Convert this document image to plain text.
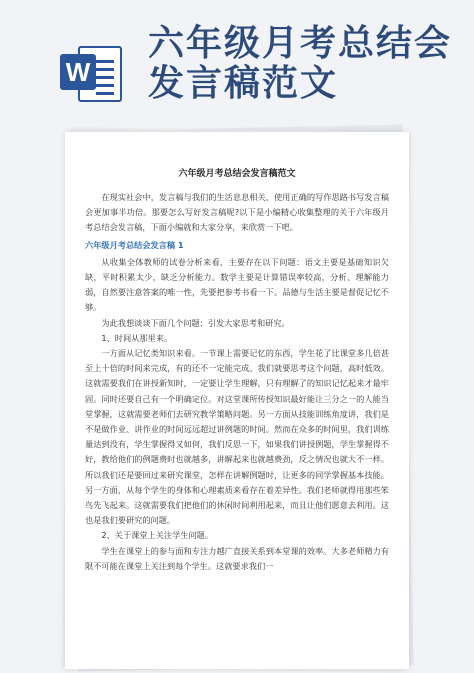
W
六年级月考总结会
发言稿范文
六年级月考总结会发言稿范文

在现实社会中，发言稿与我们的生活息息相关，使用正确的写作思路书写发言稿会更加事半功倍。那要怎么写好发言稿呢?以下是小编精心收集整理的关于六年级月考总结会发言稿，下面小编就和大家分享，来欣赏一下吧。

六年级月考总结会发言稿 1

从收集全体教师的试卷分析来看，主要存在以下问题：语文主要是基础知识欠缺，平时积累太少，缺乏分析能力。数学主要是计算错误率较高，分析、理解能力弱，自然要注意答案的唯一性，先要把参考书看一下。品德与生活主要是督促记忆不够。

为此我想谈谈下面几个问题：引发大家思考和研究。

1、时间从那里来。

一方面从记忆类知识来看。一节课上需要记忆的东西，学生花了比课堂多几倍甚至上十倍的时间来完成，有的还不一定能完成。我们就要思考这个问题，高时低效。这就需要我们在讲授新知时，一定要让学生理解，只有理解了的知识记忆起来才最牢固。同时还要自己有一个明确定位。对这堂课所传授知识最好能让三分之一的人能当堂掌握，这就需要老师们去研究教学策略问题。另一方面从技能训练角度讲，我们是不是做作业、讲作业的时间远远超过讲例题的时间。然而在众多的时间里，我们训练量达到没有，学生掌握得又如何，我们反思一下，如果我们讲授例题，学生掌握得不好，教给他们的例题费时也就越多，讲解起来也就越费劲，反之情况也就大不一样。所以我们还是要回过来研究课堂，怎样在讲解例题时，让更多的同学掌握基本技能。另一方面，从每个学生的身体和心理素质来看存在着差异性。我们老师就得用那些笨鸟先飞起来。这就需要我们把他们的休闲时间利用起来，而且让他们愿意去利用。这也是我们要研究的问题。

2、关于课堂上关注学生问题。

学生在课堂上的参与面和专注力越广直接关系到本堂课的效率。大多老师精力有限不可能在课堂上关注到每个学生。这就要求我们一
